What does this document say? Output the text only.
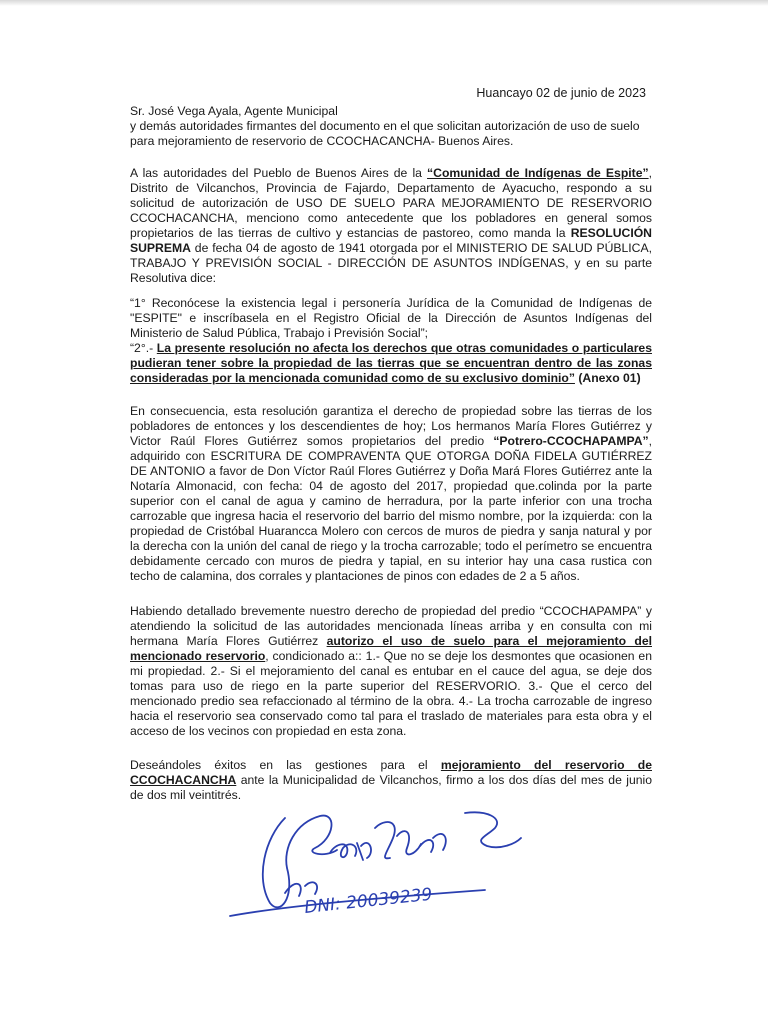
Huancayo 02 de junio de 2023
Sr. José Vega Ayala, Agente Municipal
y demás autoridades firmantes del documento en el que solicitan autorización de uso de suelo
para mejoramiento de reservorio de CCOCHACANCHA- Buenos Aires.
A las autoridades del Pueblo de Buenos Aires de la “Comunidad de Indígenas de Espite”, Distrito de Vilcanchos, Provincia de Fajardo, Departamento de Ayacucho, respondo a su solicitud de autorización de USO DE SUELO PARA MEJORAMIENTO DE RESERVORIO CCOCHACANCHA, menciono como antecedente que los pobladores en general somos propietarios de las tierras de cultivo y estancias de pastoreo, como manda la RESOLUCIÓN SUPREMA de fecha 04 de agosto de 1941 otorgada por el MINISTERIO DE SALUD PÚBLICA, TRABAJO Y PREVISIÓN SOCIAL - DIRECCIÓN DE ASUNTOS INDÍGENAS, y en su parte Resolutiva dice:
“1° Reconócese la existencia legal i personería Jurídica de la Comunidad de Indígenas de "ESPITE" e inscríbasela en el Registro Oficial de la Dirección de Asuntos Indígenas del Ministerio de Salud Pública, Trabajo i Previsión Social”;
“2°.- La presente resolución no afecta los derechos que otras comunidades o particulares pudieran tener sobre la propiedad de las tierras que se encuentran dentro de las zonas consideradas por la mencionada comunidad como de su exclusivo dominio” (Anexo 01)
En consecuencia, esta resolución garantiza el derecho de propiedad sobre las tierras de los pobladores de entonces y los descendientes de hoy; Los hermanos María Flores Gutiérrez y Victor Raúl Flores Gutiérrez somos propietarios del predio “Potrero-CCOCHAPAMPA”, adquirido con ESCRITURA DE COMPRAVENTA QUE OTORGA DOÑA FIDELA GUTIÉRREZ DE ANTONIO a favor de Don Víctor Raúl Flores Gutiérrez y Doña Mará Flores Gutiérrez ante la Notaría Almonacid, con fecha: 04 de agosto del 2017, propiedad que.colinda por la parte superior con el canal de agua y camino de herradura, por la parte inferior con una trocha carrozable que ingresa hacia el reservorio del barrio del mismo nombre, por la izquierda: con la propiedad de Cristóbal Huarancca Molero con cercos de muros de piedra y sanja natural y por la derecha con la unión del canal de riego y la trocha carrozable; todo el perímetro se encuentra debidamente cercado con muros de piedra y tapial, en su interior hay una casa rustica con techo de calamina, dos corrales y plantaciones de pinos con edades de 2 a 5 años.
Habiendo detallado brevemente nuestro derecho de propiedad del predio “CCOCHAPAMPA” y atendiendo la solicitud de las autoridades mencionada líneas arriba y en consulta con mi hermana María Flores Gutiérrez autorizo el uso de suelo para el mejoramiento del mencionado reservorio, condicionado a:: 1.- Que no se deje los desmontes que ocasionen en mi propiedad. 2.- Si el mejoramiento del canal es entubar en el cauce del agua, se deje dos tomas para uso de riego en la parte superior del RESERVORIO. 3.- Que el cerco del mencionado predio sea refaccionado al término de la obra. 4.- La trocha carrozable de ingreso hacia el reservorio sea conservado como tal para el traslado de materiales para esta obra y el acceso de los vecinos con propiedad en esta zona.
Deseándoles éxitos en las gestiones para el mejoramiento del reservorio de CCOCHACANCHA ante la Municipalidad de Vilcanchos, firmo a los dos días del mes de junio de dos mil veintitrés.
DNI: 20039239
